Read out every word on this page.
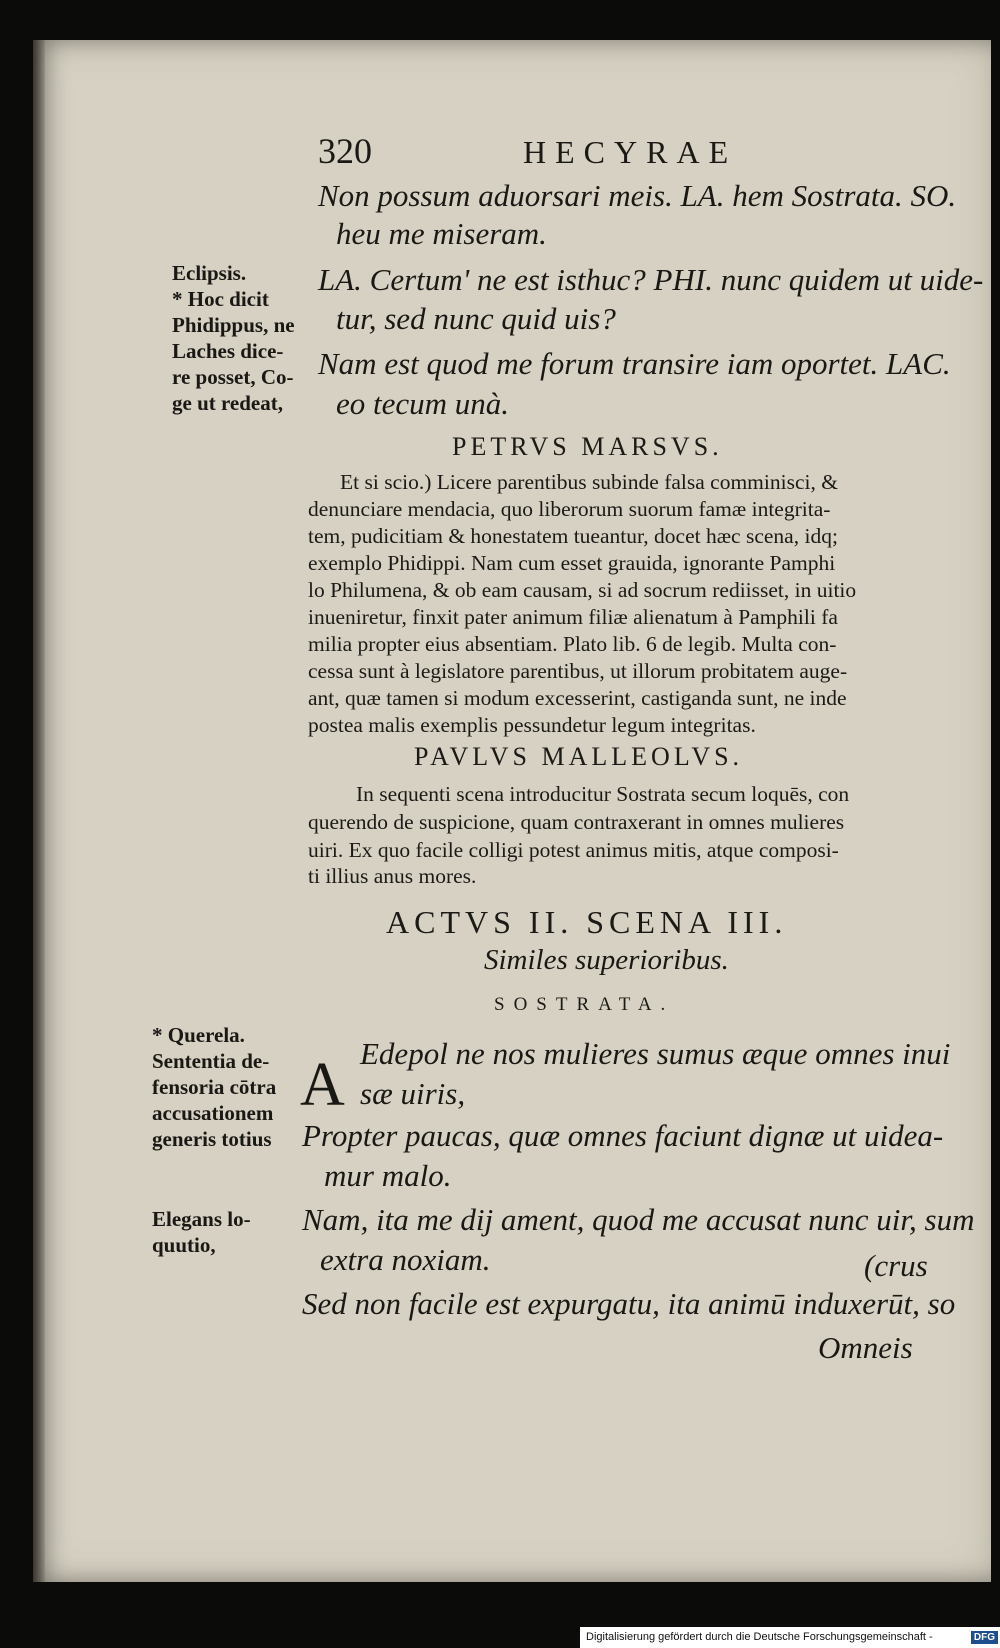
320	HECYRAE
Non possum aduorsari meis. LA. hem Sostrata. SO.
heu me miseram.
LA. Certum' ne est isthuc? PHI. nunc quidem ut uide-
tur, sed nunc quid uis?
Nam est quod me forum transire iam oportet. LAC.
eo tecum unà.
Eclipsis.
* Hoc dicit
Phidippus, ne
Laches dice-
re posset, Co-
ge ut redeat,
PETRVS MARSVS.
Et si scio.) Licere parentibus subinde falsa comminisci, &
denunciare mendacia, quo liberorum suorum famæ integrita-
tem, pudicitiam & honestatem tueantur, docet hæc scena, idq;
exemplo Phidippi. Nam cum esset grauida, ignorante Pamphi
lo Philumena, & ob eam causam, si ad socrum rediisset, in uitio
inueniretur, finxit pater animum filiæ alienatum à Pamphili fa
milia propter eius absentiam. Plato lib. 6 de legib. Multa con-
cessa sunt à legislatore parentibus, ut illorum probitatem auge-
ant, quæ tamen si modum excesserint, castiganda sunt, ne inde
postea malis exemplis pessundetur legum integritas.
PAVLVS MALLEOLVS.
In sequenti scena introducitur Sostrata secum loquēs, con
querendo de suspicione, quam contraxerant in omnes mulieres
uiri. Ex quo facile colligi potest animus mitis, atque composi-
ti illius anus mores.
ACTVS II. SCENA III.
Similes superioribus.
SOSTRATA.
A Edepol ne nos mulieres sumus æque omnes inui
sæ uiris,
Propter paucas, quæ omnes faciunt dignæ ut uidea-
mur malo.
Nam, ita me dij ament, quod me accusat nunc uir, sum
extra noxiam.	(crus
Sed non facile est expurgatu, ita animū induxerūt, so
Omneis
* Querela.
Sententia de-
fensoria cōtra
accusationem
generis totius
Elegans lo-
quutio,
Digitalisierung gefördert durch die Deutsche Forschungsgemeinschaft -	DFG
